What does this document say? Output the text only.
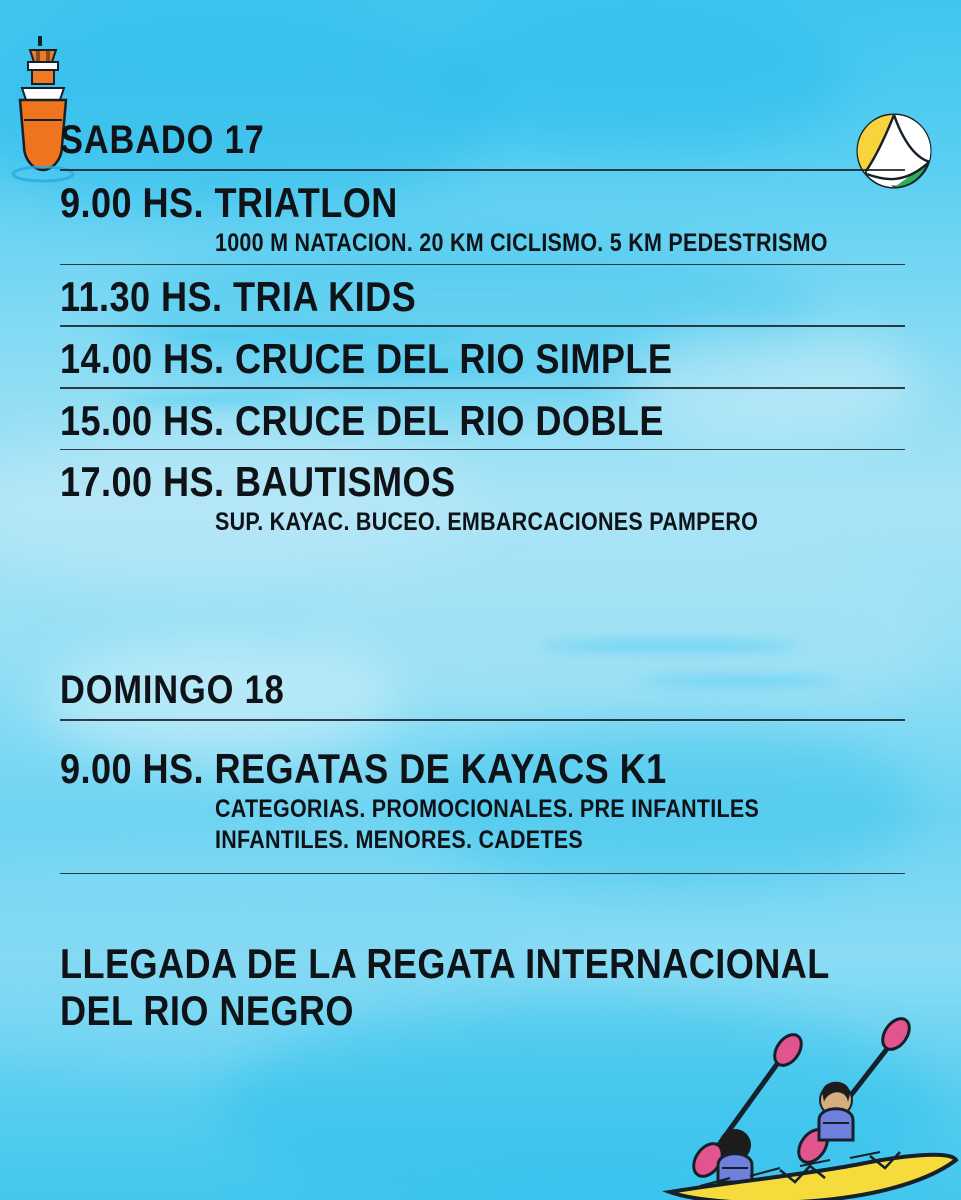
SABADO 17
9.00 HS. TRIATLON
1000 M NATACION. 20 KM CICLISMO. 5 KM PEDESTRISMO
11.30 HS. TRIA KIDS
14.00 HS. CRUCE DEL RIO SIMPLE
15.00 HS. CRUCE DEL RIO DOBLE
17.00 HS. BAUTISMOS
SUP. KAYAC. BUCEO. EMBARCACIONES PAMPERO
DOMINGO 18
9.00 HS. REGATAS DE KAYACS K1
CATEGORIAS. PROMOCIONALES. PRE INFANTILES
INFANTILES. MENORES. CADETES
LLEGADA DE LA REGATA INTERNACIONAL
DEL RIO NEGRO
